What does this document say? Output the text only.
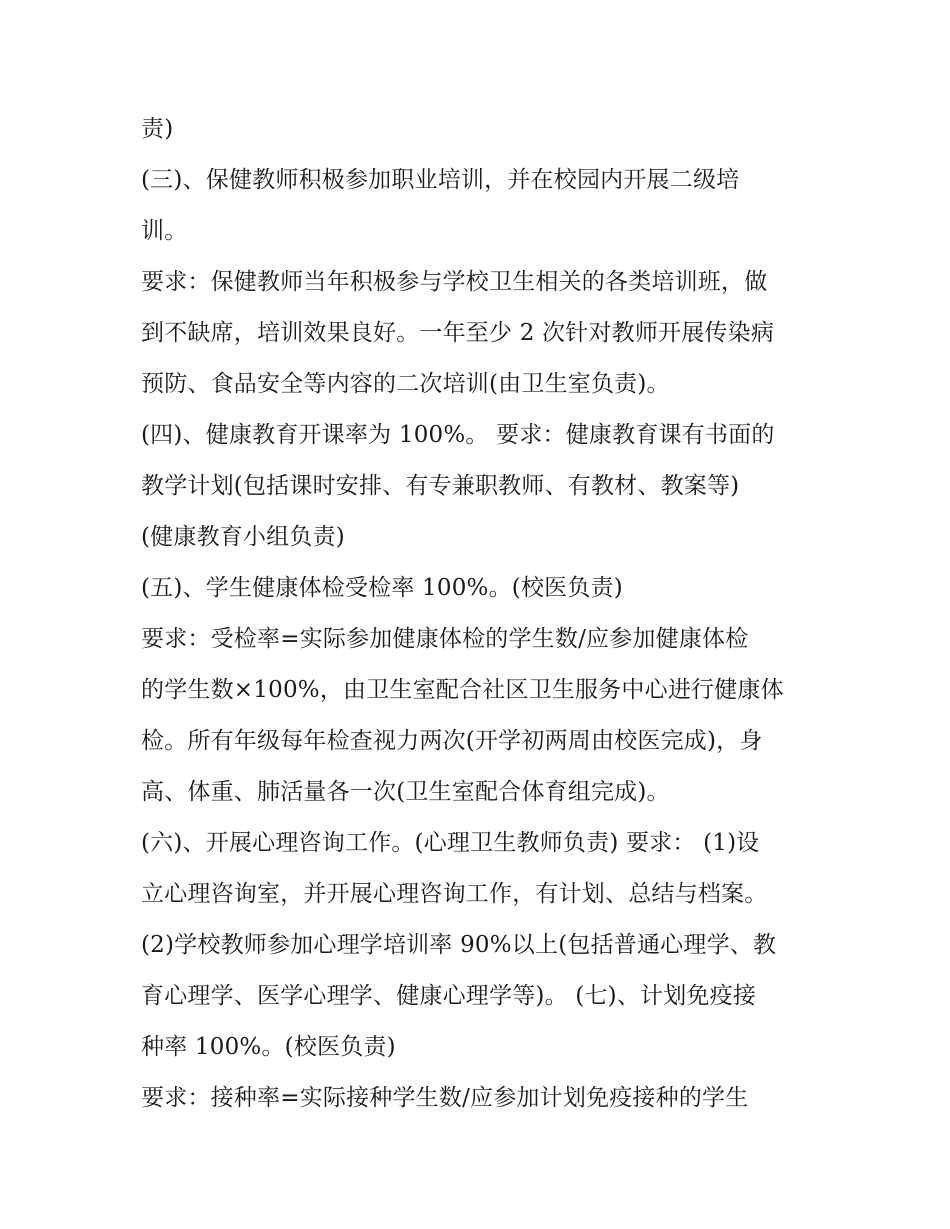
责)
(三)、保健教师积极参加职业培训，并在校园内开展二级培
训。
要求：保健教师当年积极参与学校卫生相关的各类培训班，做
到不缺席，培训效果良好。一年至少 2 次针对教师开展传染病
预防、食品安全等内容的二次培训(由卫生室负责)。
(四)、健康教育开课率为 100%。 要求：健康教育课有书面的
教学计划(包括课时安排、有专兼职教师、有教材、教案等)
(健康教育小组负责)
(五)、学生健康体检受检率 100%。(校医负责)
要求：受检率=实际参加健康体检的学生数/应参加健康体检
的学生数×100%，由卫生室配合社区卫生服务中心进行健康体
检。所有年级每年检查视力两次(开学初两周由校医完成)，身
高、体重、肺活量各一次(卫生室配合体育组完成)。
(六)、开展心理咨询工作。(心理卫生教师负责) 要求： (1)设
立心理咨询室，并开展心理咨询工作，有计划、总结与档案。
(2)学校教师参加心理学培训率 90%以上(包括普通心理学、教
育心理学、医学心理学、健康心理学等)。 (七)、计划免疫接
种率 100%。(校医负责)
要求：接种率=实际接种学生数/应参加计划免疫接种的学生
